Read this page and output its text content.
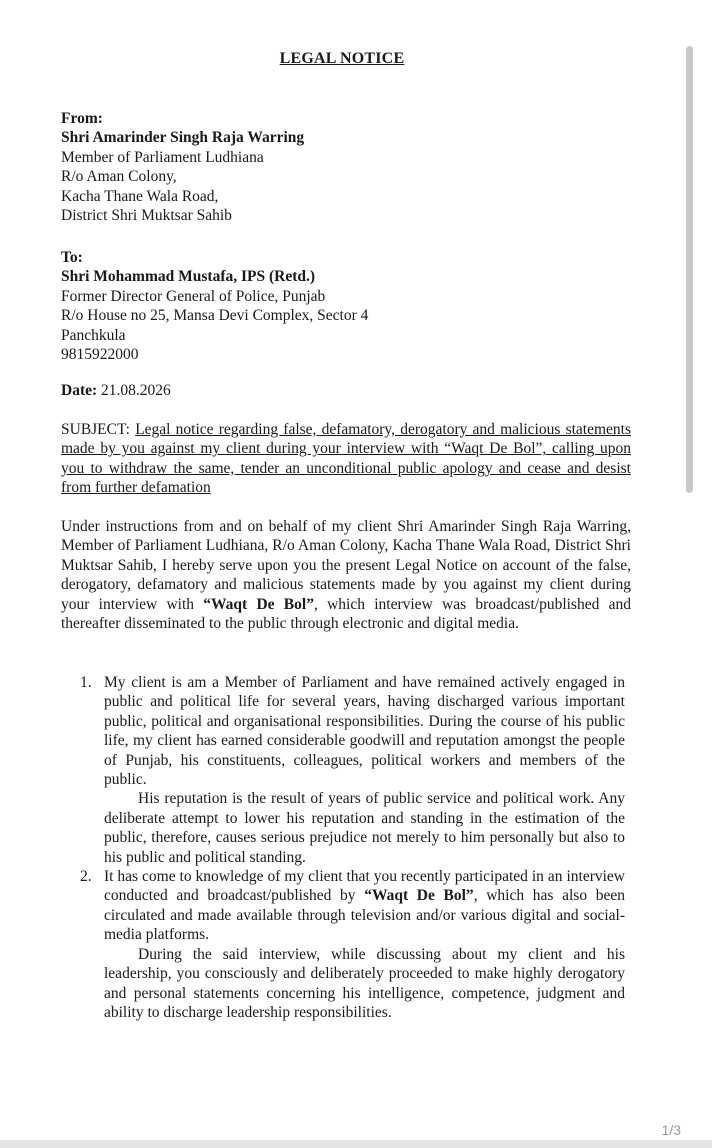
LEGAL NOTICE
From:
Shri Amarinder Singh Raja Warring
Member of Parliament Ludhiana
R/o Aman Colony,
Kacha Thane Wala Road,
District Shri Muktsar Sahib
To:
Shri Mohammad Mustafa, IPS (Retd.)
Former Director General of Police, Punjab
R/o House no 25, Mansa Devi Complex, Sector 4
Panchkula
9815922000
Date: 21.08.2026
SUBJECT: Legal notice regarding false, defamatory, derogatory and malicious statements made by you against my client during your interview with “Waqt De Bol”, calling upon you to withdraw the same, tender an unconditional public apology and cease and desist from further defamation
Under instructions from and on behalf of my client Shri Amarinder Singh Raja Warring, Member of Parliament Ludhiana, R/o Aman Colony, Kacha Thane Wala Road, District Shri Muktsar Sahib, I hereby serve upon you the present Legal Notice on account of the false, derogatory, defamatory and malicious statements made by you against my client during your interview with “Waqt De Bol”, which interview was broadcast/published and thereafter disseminated to the public through electronic and digital media.
1. My client is am a Member of Parliament and have remained actively engaged in public and political life for several years, having discharged various important public, political and organisational responsibilities. During the course of his public life, my client has earned considerable goodwill and reputation amongst the people of Punjab, his constituents, colleagues, political workers and members of the public.

His reputation is the result of years of public service and political work. Any deliberate attempt to lower his reputation and standing in the estimation of the public, therefore, causes serious prejudice not merely to him personally but also to his public and political standing.

2. It has come to knowledge of my client that you recently participated in an interview conducted and broadcast/published by “Waqt De Bol”, which has also been circulated and made available through television and/or various digital and social-media platforms.

During the said interview, while discussing about my client and his leadership, you consciously and deliberately proceeded to make highly derogatory and personal statements concerning his intelligence, competence, judgment and ability to discharge leadership responsibilities.

1/3
